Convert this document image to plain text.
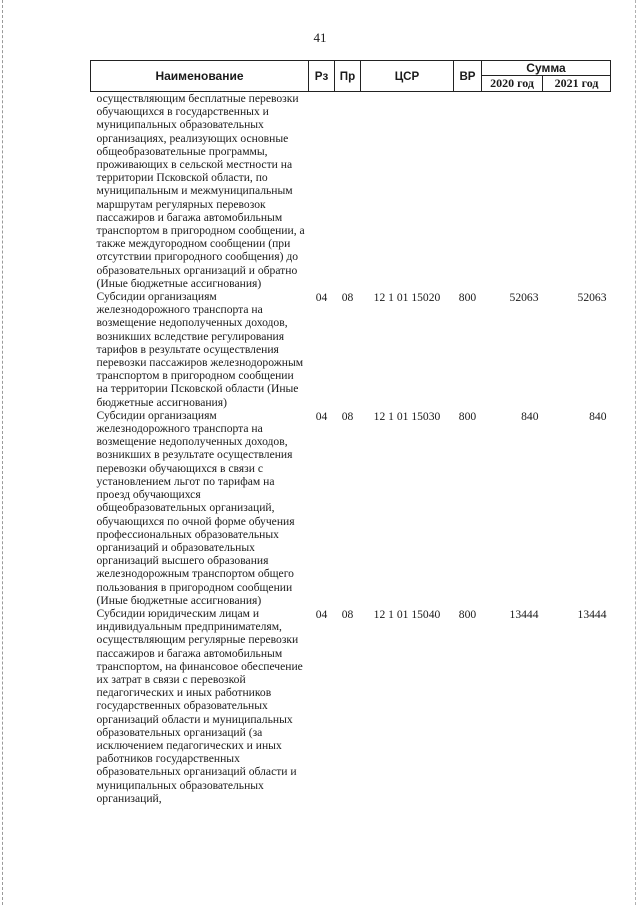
41
Наименование	Рз	Пр	ЦСР	ВР	Сумма	
					2020 год	2021 год
осуществляющим бесплатные перевозки обучающихся в государственных и муниципальных образовательных организациях, реализующих основные общеобразовательные программы, проживающих в сельской местности на территории Псковской области, по муниципальным и межмуниципальным маршрутам регулярных перевозок пассажиров и багажа автомобильным транспортом в пригородном сообщении, а также междугородном сообщении (при отсутствии пригородного сообщения) до образовательных организаций и обратно (Иные бюджетные ассигнования)						
Субсидии организациям железнодорожного транспорта на возмещение недополученных доходов, возникших вследствие регулирования тарифов в результате осуществления перевозки пассажиров железнодорожным транспортом в пригородном сообщении на территории Псковской области (Иные бюджетные ассигнования)	04	08	12 1 01 15020	800	52063	52063
Субсидии организациям железнодорожного транспорта на возмещение недополученных доходов, возникших в результате осуществления перевозки обучающихся в связи с установлением льгот по тарифам на проезд обучающихся общеобразовательных организаций, обучающихся по очной форме обучения профессиональных образовательных организаций и образовательных организаций высшего образования железнодорожным транспортом общего пользования в пригородном сообщении (Иные бюджетные ассигнования)	04	08	12 1 01 15030	800	840	840
Субсидии юридическим лицам и индивидуальным предпринимателям, осуществляющим регулярные перевозки пассажиров и багажа автомобильным транспортом, на финансовое обеспечение их затрат в связи с перевозкой педагогических и иных работников государственных образовательных организаций области и муниципальных образовательных организаций (за исключением педагогических и иных работников государственных образовательных организаций области и муниципальных образовательных организаций,	04	08	12 1 01 15040	800	13444	13444
